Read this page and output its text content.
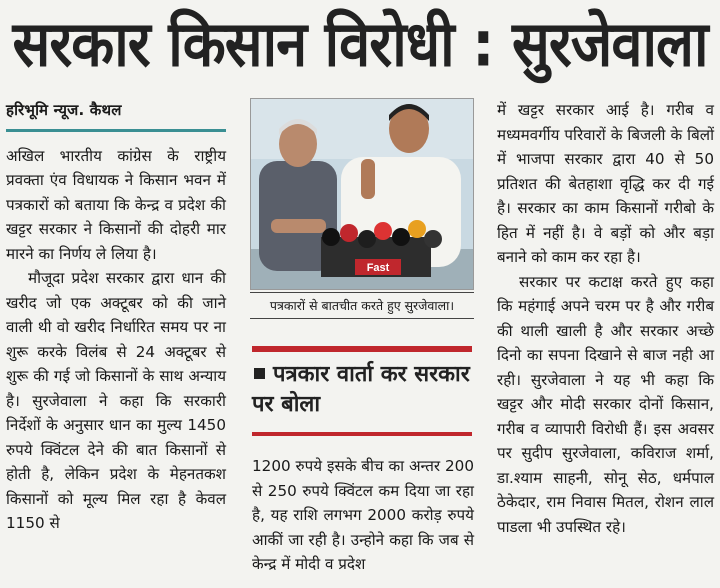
सरकार किसान विरोधी : सुरजेवाला
हरिभूमि न्यूज. कैथल

अखिल भारतीय कांग्रेस के राष्ट्रीय प्रवक्ता एंव विधायक ने किसान भवन में पत्रकारों को बताया कि केन्द्र व प्रदेश की खट्टर सरकार ने किसानों की दोहरी मार मारने का निर्णय ले लिया है।

मौजूदा प्रदेश सरकार द्वारा धान की खरीद जो एक अक्टूबर को की जाने वाली थी वो खरीद निर्धारित समय पर ना शुरू करके विलंब से 24 अक्टूबर से शुरू की गई जो किसानों के साथ अन्याय है। सुरजेवाला ने कहा कि सरकारी निर्देशों के अनुसार धान का मुल्य 1450 रुपये क्विंटल देने की बात किसानों से होती है, लेकिन प्रदेश के मेहनतकश किसानों को मूल्य मिल रहा है केवल 1150 से

Fast
पत्रकारों से बातचीत करते हुए सुरजेवाला।
पत्रकार वार्ता कर सरकार पर बोला

1200 रुपये इसके बीच का अन्तर 200 से 250 रुपये क्विंटल कम दिया जा रहा है, यह राशि लगभग 2000 करोड़ रुपये आकीं जा रही है। उन्होने कहा कि जब से केन्द्र में मोदी व प्रदेश

में खट्टर सरकार आई है। गरीब व मध्यमवर्गीय परिवारों के बिजली के बिलों में भाजपा सरकार द्वारा 40 से 50 प्रतिशत की बेतहाशा वृद्धि कर दी गई है। सरकार का काम किसानों गरीबो के हित में नहीं है। वे बड़ों को और बड़ा बनाने को काम कर रहा है।

सरकार पर कटाक्ष करते हुए कहा कि महंगाई अपने चरम पर है और गरीब की थाली खाली है और सरकार अच्छे दिनो का सपना दिखाने से बाज नही आ रही। सुरजेवाला ने यह भी कहा कि खट्टर और मोदी सरकार दोनों किसान, गरीब व व्यापारी विरोधी हैं। इस अवसर पर सुदीप सुरजेवाला, कविराज शर्मा, डा.श्याम साहनी, सोनू सेठ, धर्मपाल ठेकेदार, राम निवास मितल, रोशन लाल पाडला भी उपस्थित रहे।
